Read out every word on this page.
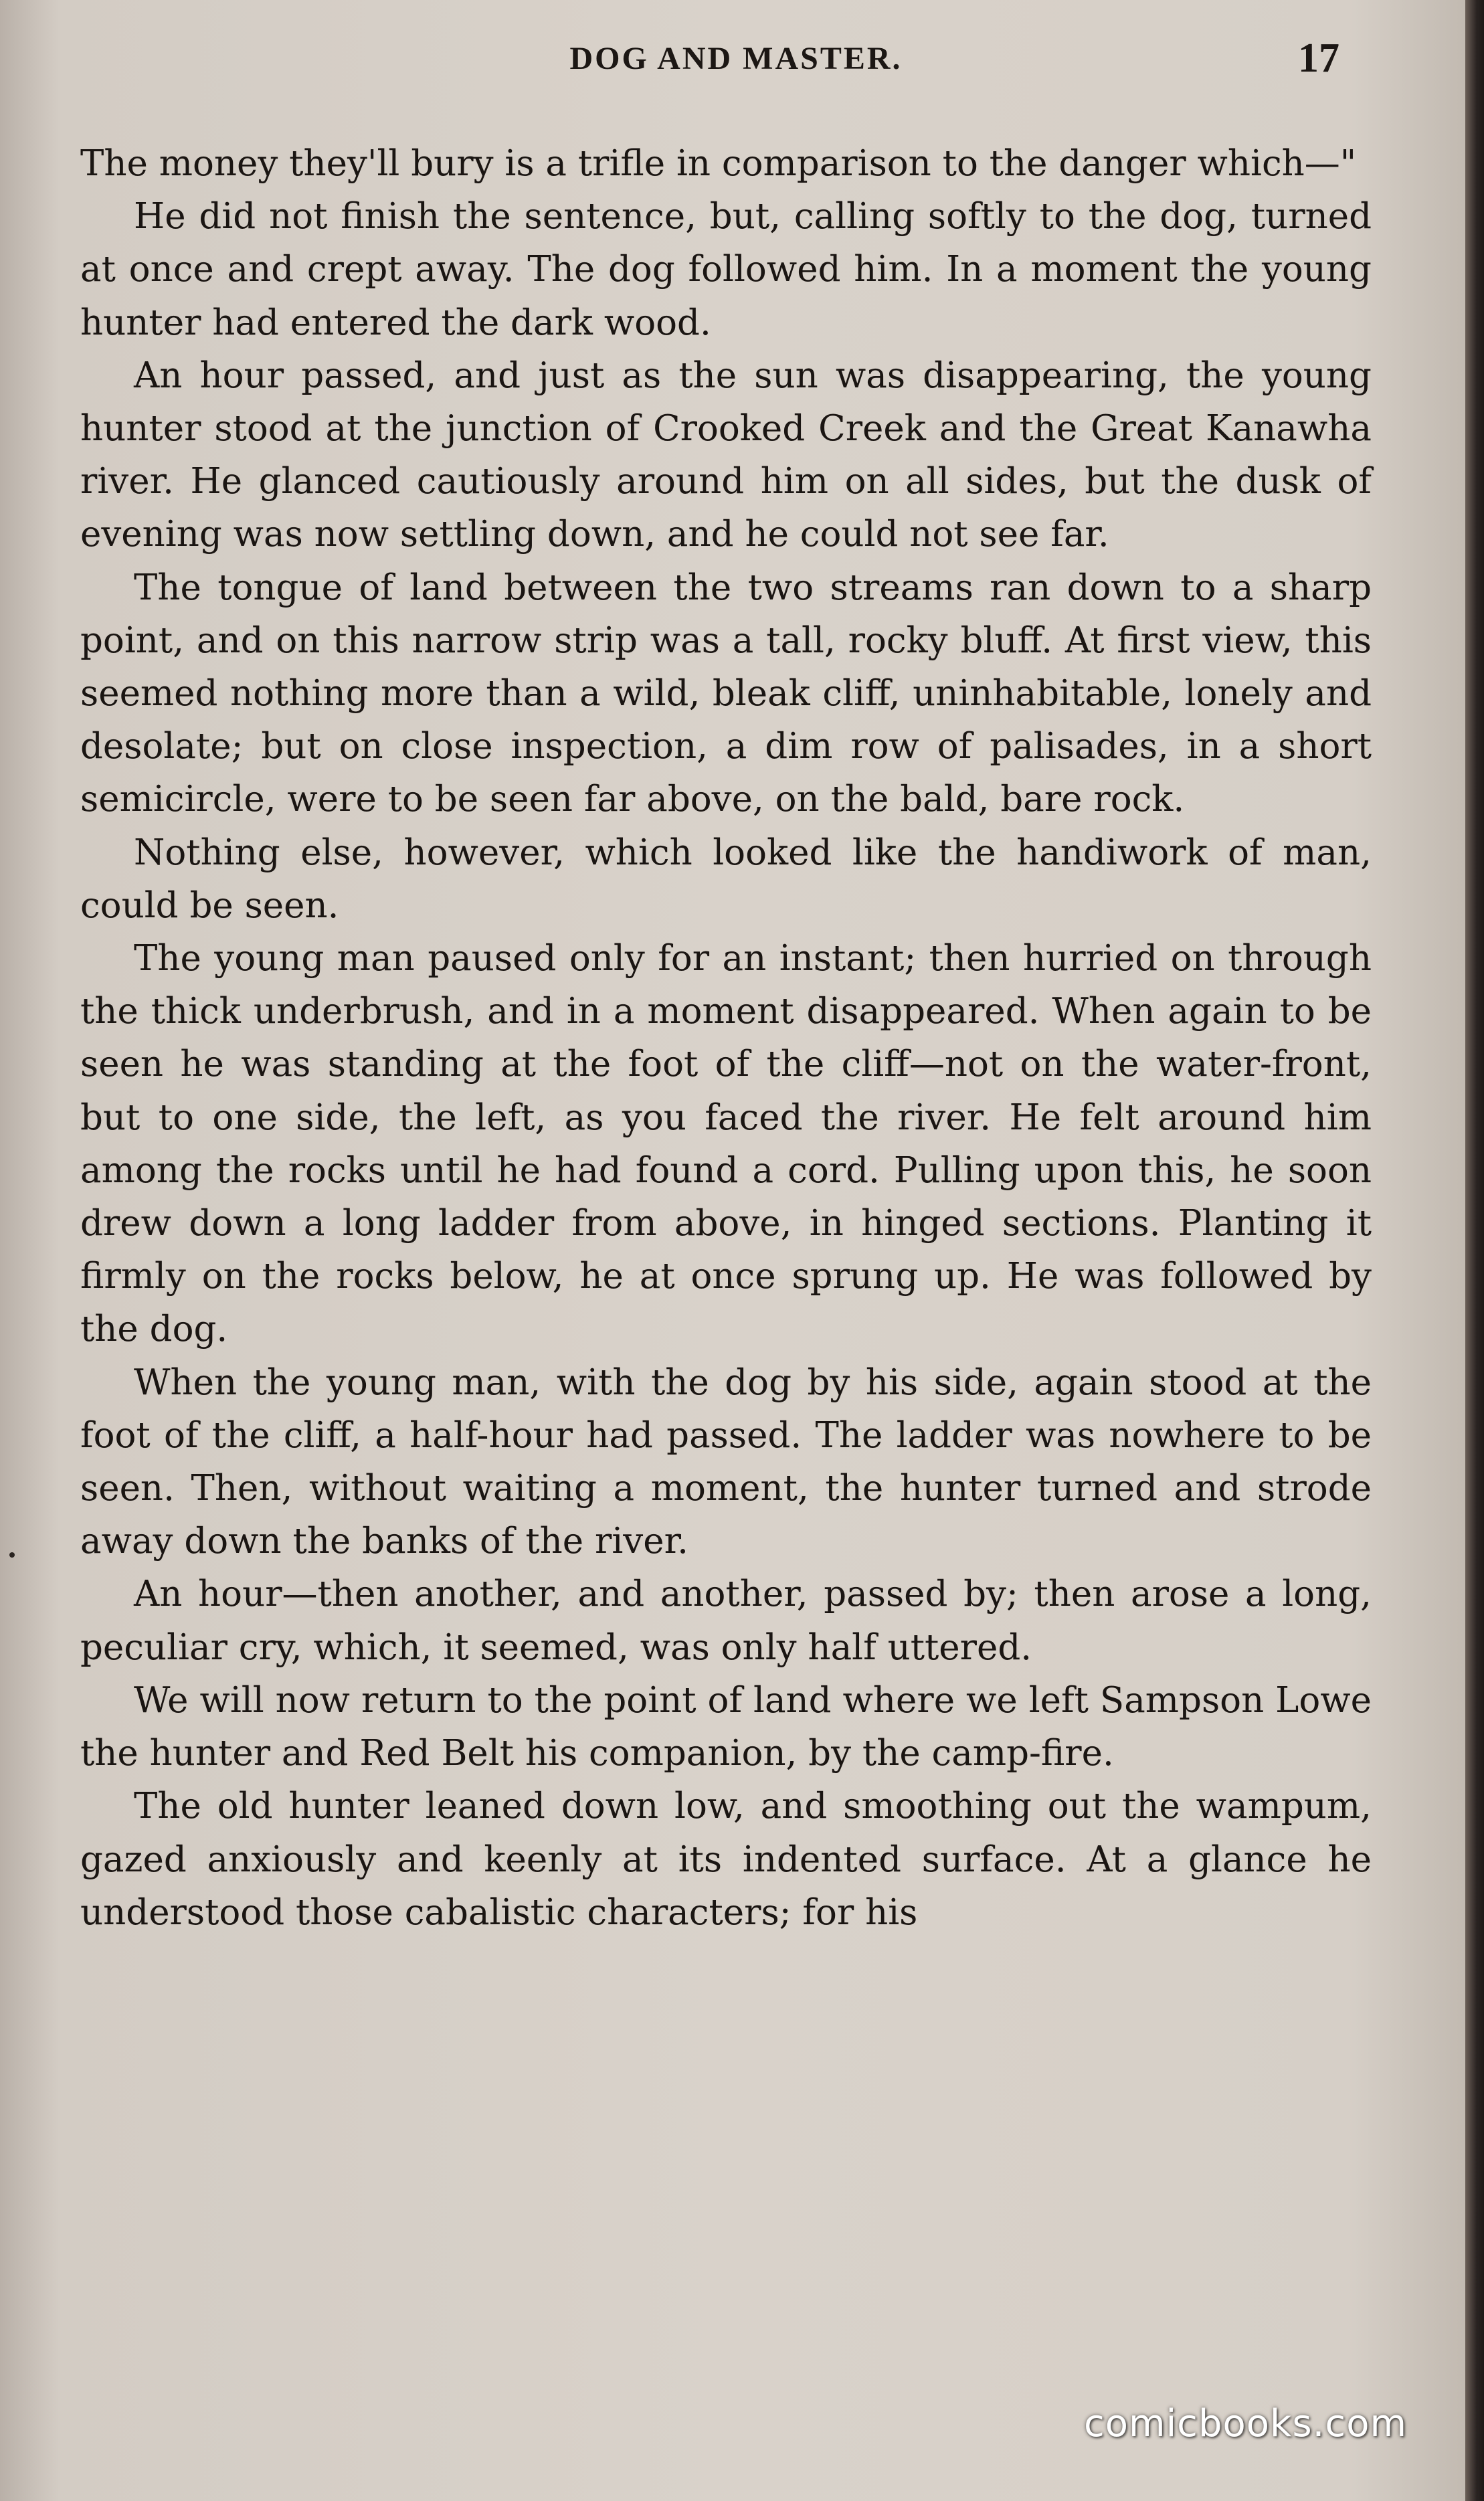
DOG AND MASTER.	17

The money they'll bury is a trifle in comparison to the danger which—"

He did not finish the sentence, but, calling softly to the dog, turned at once and crept away. The dog followed him. In a moment the young hunter had entered the dark wood.

An hour passed, and just as the sun was disappearing, the young hunter stood at the junction of Crooked Creek and the Great Kanawha river. He glanced cautiously around him on all sides, but the dusk of evening was now settling down, and he could not see far.

The tongue of land between the two streams ran down to a sharp point, and on this narrow strip was a tall, rocky bluff. At first view, this seemed nothing more than a wild, bleak cliff, uninhabitable, lonely and desolate; but on close inspection, a dim row of palisades, in a short semicircle, were to be seen far above, on the bald, bare rock.

Nothing else, however, which looked like the handiwork of man, could be seen.

The young man paused only for an instant; then hurried on through the thick underbrush, and in a moment disappeared. When again to be seen he was standing at the foot of the cliff—not on the water-front, but to one side, the left, as you faced the river. He felt around him among the rocks until he had found a cord. Pulling upon this, he soon drew down a long ladder from above, in hinged sections. Planting it firmly on the rocks below, he at once sprung up. He was followed by the dog.

When the young man, with the dog by his side, again stood at the foot of the cliff, a half-hour had passed. The ladder was nowhere to be seen. Then, without waiting a moment, the hunter turned and strode away down the banks of the river.

An hour—then another, and another, passed by; then arose a long, peculiar cry, which, it seemed, was only half uttered.

We will now return to the point of land where we left Sampson Lowe the hunter and Red Belt his companion, by the camp-fire.

The old hunter leaned down low, and smoothing out the wampum, gazed anxiously and keenly at its indented surface. At a glance he understood those cabalistic characters; for his

comicbooks.com
